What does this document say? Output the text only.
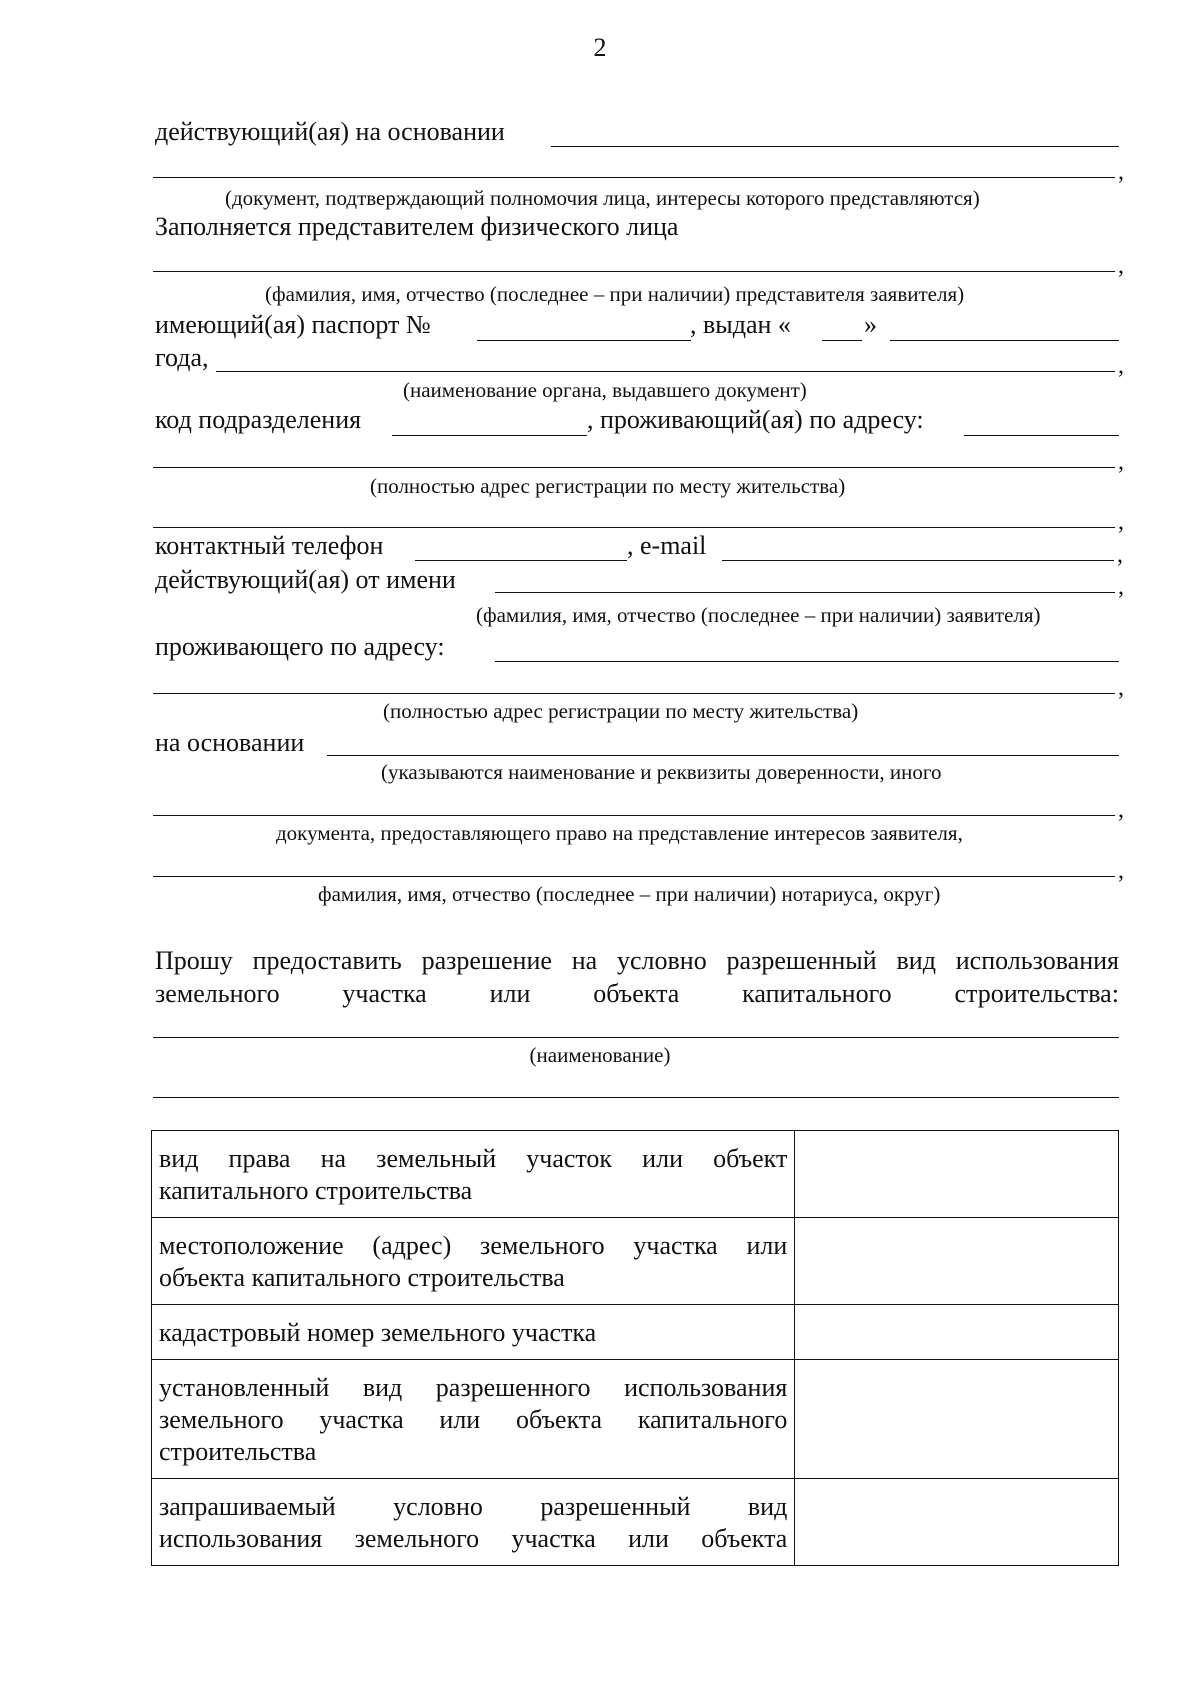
2
действующий(ая) на основании
,
(документ, подтверждающий полномочия лица, интересы которого представляются)
Заполняется представителем физического лица
,
(фамилия, имя, отчество (последнее – при наличии) представителя заявителя)
имеющий(ая) паспорт №	, выдан «	»
года,	,
(наименование органа, выдавшего документ)
код подразделения	, проживающий(ая) по адресу:
,
(полностью адрес регистрации по месту жительства)
,
контактный телефон	, e-mail	,
действующий(ая) от имени	,
(фамилия, имя, отчество (последнее – при наличии) заявителя)
проживающего по адресу:
,
(полностью адрес регистрации по месту жительства)
на основании
(указываются наименование и реквизиты доверенности, иного
,
документа, предоставляющего право на представление интересов заявителя,
,
фамилия, имя, отчество (последнее – при наличии) нотариуса, округ)
Прошу предоставить разрешение на условно разрешенный вид использования
земельного участка или объекта капитального строительства:
(наименование)
вид права на земельный участок или объект капитального строительства	
местоположение (адрес) земельного участка или объекта капитального строительства	
кадастровый номер земельного участка	
установленный вид разрешенного использования земельного участка или объекта капитального строительства	
запрашиваемый условно разрешенный вид использования земельного участка или объекта	
